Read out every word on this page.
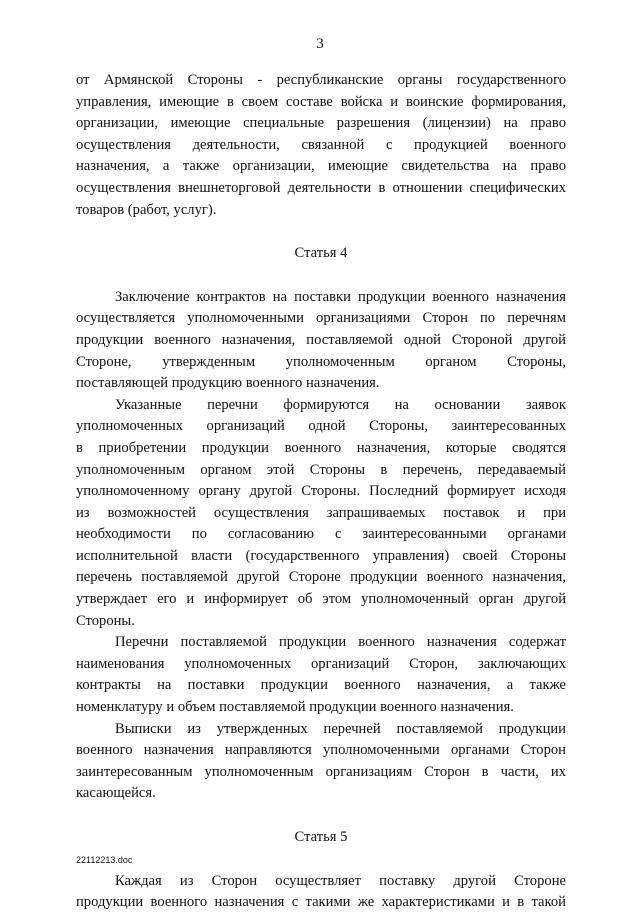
3
от Армянской Стороны - республиканские органы государственного
управления, имеющие в своем составе войска и воинские формирования,
организации, имеющие специальные разрешения (лицензии) на право
осуществления деятельности, связанной с продукцией военного
назначения, а также организации, имеющие свидетельства на право
осуществления внешнеторговой деятельности в отношении специфических
товаров (работ, услуг).
Статья 4
Заключение контрактов на поставки продукции военного назначения
осуществляется уполномоченными организациями Сторон по перечням
продукции военного назначения, поставляемой одной Стороной другой
Стороне, утвержденным уполномоченным органом Стороны,
поставляющей продукцию военного назначения.
Указанные перечни формируются на основании заявок
уполномоченных организаций одной Стороны, заинтересованных
в приобретении продукции военного назначения, которые сводятся
уполномоченным органом этой Стороны в перечень, передаваемый
уполномоченному органу другой Стороны. Последний формирует исходя
из возможностей осуществления запрашиваемых поставок и при
необходимости по согласованию с заинтересованными органами
исполнительной власти (государственного управления) своей Стороны
перечень поставляемой другой Стороне продукции военного назначения,
утверждает его и информирует об этом уполномоченный орган другой
Стороны.
Перечни поставляемой продукции военного назначения содержат
наименования уполномоченных организаций Сторон, заключающих
контракты на поставки продукции военного назначения, а также
номенклатуру и объем поставляемой продукции военного назначения.
Выписки из утвержденных перечней поставляемой продукции
военного назначения направляются уполномоченными органами Сторон
заинтересованным уполномоченным организациям Сторон в части, их
касающейся.
Статья 5
Каждая из Сторон осуществляет поставку другой Стороне
продукции военного назначения с такими же характеристиками и в такой
22112213.doc
